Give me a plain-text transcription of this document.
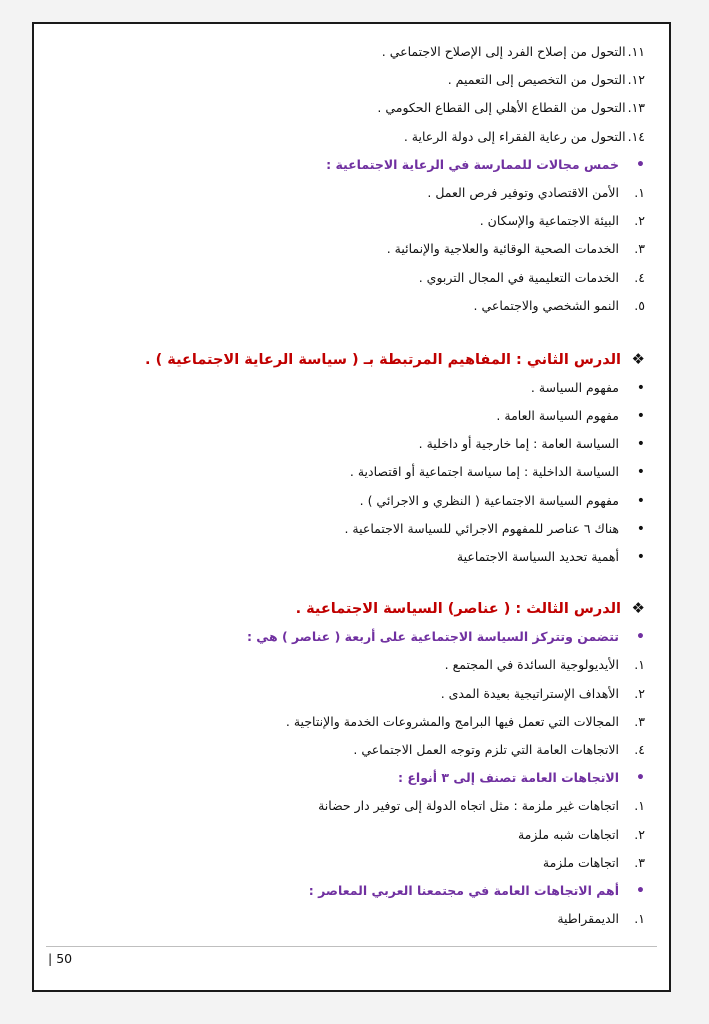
١١.التحول من إصلاح الفرد إلى الإصلاح الاجتماعي .
١٢.التحول من التخصيص إلى التعميم .
١٣.التحول من القطاع الأهلي إلى القطاع الحكومي .
١٤.التحول من رعاية الفقراء إلى دولة الرعاية .
•خمس مجالات للممارسة في الرعاية الاجتماعية :
١.الأمن الاقتصادي وتوفير فرص العمل .
٢.البيئة الاجتماعية والإسكان .
٣.الخدمات الصحية الوقائية والعلاجية والإنمائية .
٤.الخدمات التعليمية في المجال التربوي .
٥.النمو الشخصي والاجتماعي .
❖الدرس الثاني : المفاهيم المرتبطة بـ ( سياسة الرعاية الاجتماعية ) .
•مفهوم السياسة .
•مفهوم السياسة العامة .
•السياسة العامة : إما خارجية أو داخلية .
•السياسة الداخلية : إما سياسة اجتماعية أو اقتصادية .
•مفهوم السياسة الاجتماعية ( النظري و الاجرائي ) .
•هناك ٦ عناصر للمفهوم الاجرائي للسياسة الاجتماعية .
•أهمية تحديد السياسة الاجتماعية
❖الدرس الثالث : ( عناصر) السياسة الاجتماعية .
•تتضمن وتتركز السياسة الاجتماعية على أربعة ( عناصر ) هي :
١.الأيديولوجية السائدة في المجتمع .
٢.الأهداف الإستراتيجية بعيدة المدى .
٣.المجالات التي تعمل فيها البرامج والمشروعات الخدمة والإنتاجية .
٤.الاتجاهات العامة التي تلزم وتوجه العمل الاجتماعي .
•الاتجاهات العامة تصنف إلى ٣ أنواع :
١.اتجاهات غير ملزمة : مثل اتجاه الدولة إلى توفير دار حضانة
٢.اتجاهات شبه ملزمة
٣.اتجاهات ملزمة
•أهم الاتجاهات العامة في مجتمعنا العربي المعاصر :
١.الديمقراطية
| 50
